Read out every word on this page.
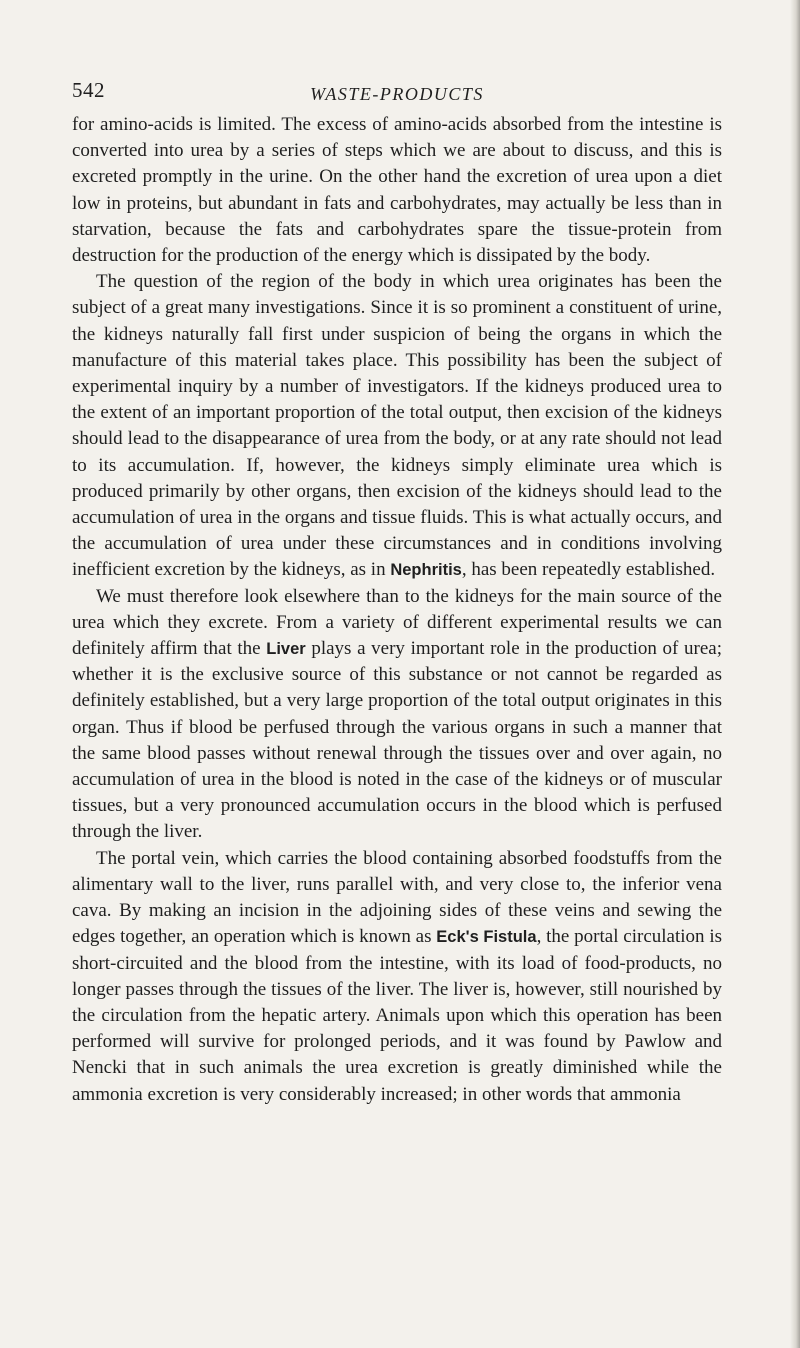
542	WASTE-PRODUCTS

for amino-acids is limited. The excess of amino-acids absorbed from the intestine is converted into urea by a series of steps which we are about to discuss, and this is excreted promptly in the urine. On the other hand the excretion of urea upon a diet low in proteins, but abundant in fats and carbohydrates, may actually be less than in starvation, because the fats and carbohydrates spare the tissue-protein from destruction for the production of the energy which is dissipated by the body.

The question of the region of the body in which urea originates has been the subject of a great many investigations. Since it is so prominent a constituent of urine, the kidneys naturally fall first under suspicion of being the organs in which the manufacture of this material takes place. This possibility has been the subject of experimental inquiry by a number of investigators. If the kidneys produced urea to the extent of an important proportion of the total output, then excision of the kidneys should lead to the disappearance of urea from the body, or at any rate should not lead to its accumulation. If, however, the kidneys simply eliminate urea which is produced primarily by other organs, then excision of the kidneys should lead to the accumulation of urea in the organs and tissue fluids. This is what actually occurs, and the accumulation of urea under these circumstances and in conditions involving inefficient excretion by the kidneys, as in Nephritis, has been repeatedly established.

We must therefore look elsewhere than to the kidneys for the main source of the urea which they excrete. From a variety of different experimental results we can definitely affirm that the Liver plays a very important role in the production of urea; whether it is the exclusive source of this substance or not cannot be regarded as definitely established, but a very large proportion of the total output originates in this organ. Thus if blood be perfused through the various organs in such a manner that the same blood passes without renewal through the tissues over and over again, no accumulation of urea in the blood is noted in the case of the kidneys or of muscular tissues, but a very pronounced accumulation occurs in the blood which is perfused through the liver.

The portal vein, which carries the blood containing absorbed foodstuffs from the alimentary wall to the liver, runs parallel with, and very close to, the inferior vena cava. By making an incision in the adjoining sides of these veins and sewing the edges together, an operation which is known as Eck's Fistula, the portal circulation is short-circuited and the blood from the intestine, with its load of food-products, no longer passes through the tissues of the liver. The liver is, however, still nourished by the circulation from the hepatic artery. Animals upon which this operation has been performed will survive for prolonged periods, and it was found by Pawlow and Nencki that in such animals the urea excretion is greatly diminished while the ammonia excretion is very considerably increased; in other words that ammonia
